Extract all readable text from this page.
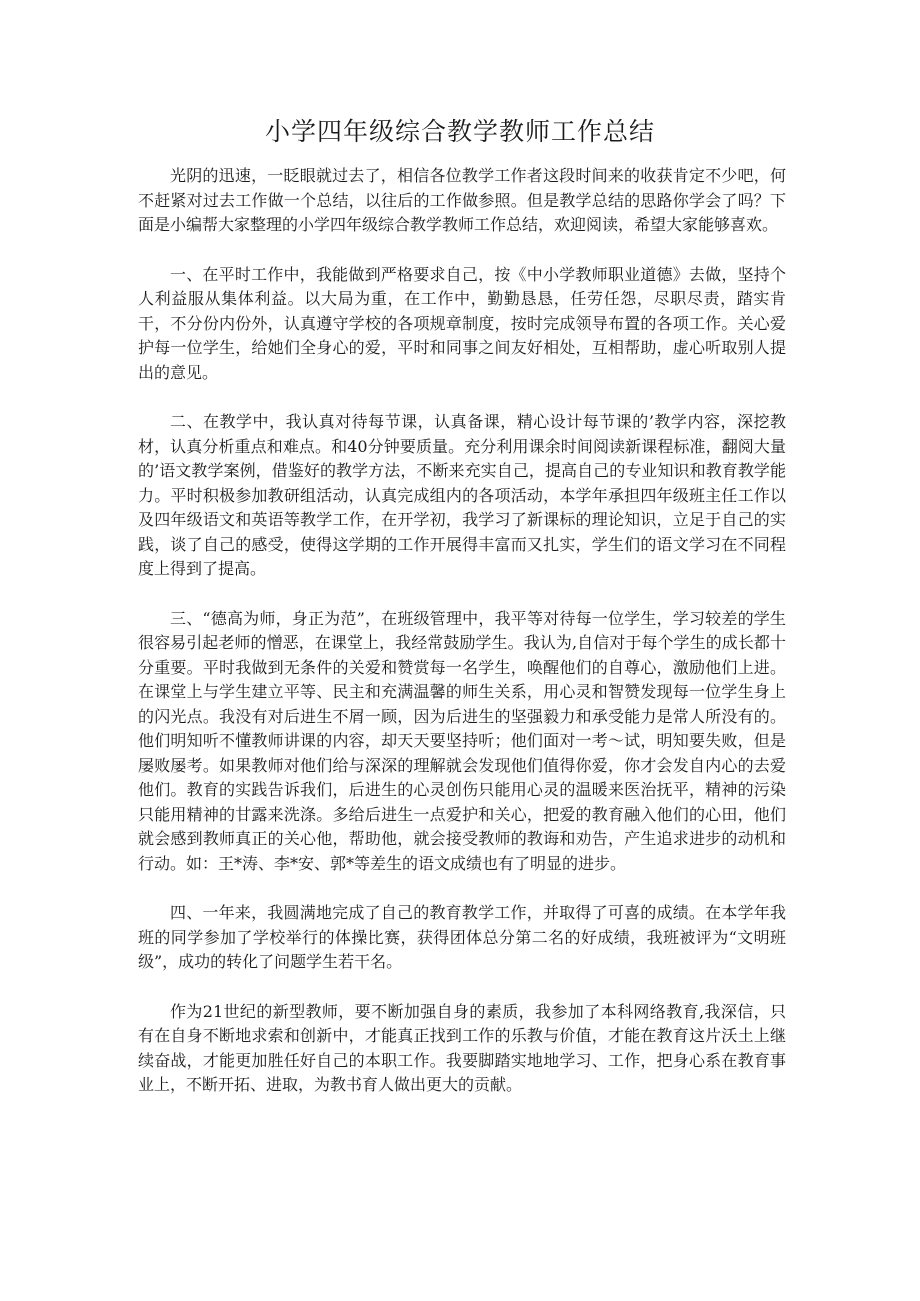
小学四年级综合教学教师工作总结

光阴的迅速，一眨眼就过去了，相信各位教学工作者这段时间来的收获肯定不少吧，何不赶紧对过去工作做一个总结，以往后的工作做参照。但是教学总结的思路你学会了吗？下面是小编帮大家整理的小学四年级综合教学教师工作总结，欢迎阅读，希望大家能够喜欢。

一、在平时工作中，我能做到严格要求自己，按《中小学教师职业道德》去做，坚持个人利益服从集体利益。以大局为重，在工作中，勤勤恳恳，任劳任怨，尽职尽责，踏实肯干，不分份内份外，认真遵守学校的各项规章制度，按时完成领导布置的各项工作。关心爱护每一位学生，给她们全身心的爱，平时和同事之间友好相处，互相帮助，虚心听取别人提出的意见。

二、在教学中，我认真对待每节课，认真备课，精心设计每节课的’教学内容，深挖教材，认真分析重点和难点。和40分钟要质量。充分利用课余时间阅读新课程标准，翻阅大量的’语文教学案例，借鉴好的教学方法，不断来充实自己，提高自己的专业知识和教育教学能力。平时积极参加教研组活动，认真完成组内的各项活动，本学年承担四年级班主任工作以及四年级语文和英语等教学工作，在开学初，我学习了新课标的理论知识，立足于自己的实践，谈了自己的感受，使得这学期的工作开展得丰富而又扎实，学生们的语文学习在不同程度上得到了提高。

三、“德高为师，身正为范”，在班级管理中，我平等对待每一位学生，学习较差的学生很容易引起老师的憎恶，在课堂上，我经常鼓励学生。我认为,自信对于每个学生的成长都十分重要。平时我做到无条件的关爱和赞赏每一名学生，唤醒他们的自尊心，激励他们上进。在课堂上与学生建立平等、民主和充满温馨的师生关系，用心灵和智赞发现每一位学生身上的闪光点。我没有对后进生不屑一顾，因为后进生的坚强毅力和承受能力是常人所没有的。他们明知听不懂教师讲课的内容，却天天要坚持听；他们面对一考～试，明知要失败，但是屡败屡考。如果教师对他们给与深深的理解就会发现他们值得你爱，你才会发自内心的去爱他们。教育的实践告诉我们，后进生的心灵创伤只能用心灵的温暖来医治抚平，精神的污染只能用精神的甘露来洗涤。多给后进生一点爱护和关心，把爱的教育融入他们的心田，他们就会感到教师真正的关心他，帮助他，就会接受教师的教诲和劝告，产生追求进步的动机和行动。如：王*涛、李*安、郭*等差生的语文成绩也有了明显的进步。

四、一年来，我圆满地完成了自己的教育教学工作，并取得了可喜的成绩。在本学年我班的同学参加了学校举行的体操比赛，获得团体总分第二名的好成绩，我班被评为“文明班级”，成功的转化了问题学生若干名。

作为21世纪的新型教师，要不断加强自身的素质，我参加了本科网络教育,我深信，只有在自身不断地求索和创新中，才能真正找到工作的乐教与价值，才能在教育这片沃土上继续奋战，才能更加胜任好自己的本职工作。我要脚踏实地地学习、工作，把身心系在教育事业上，不断开拓、进取，为教书育人做出更大的贡献。
